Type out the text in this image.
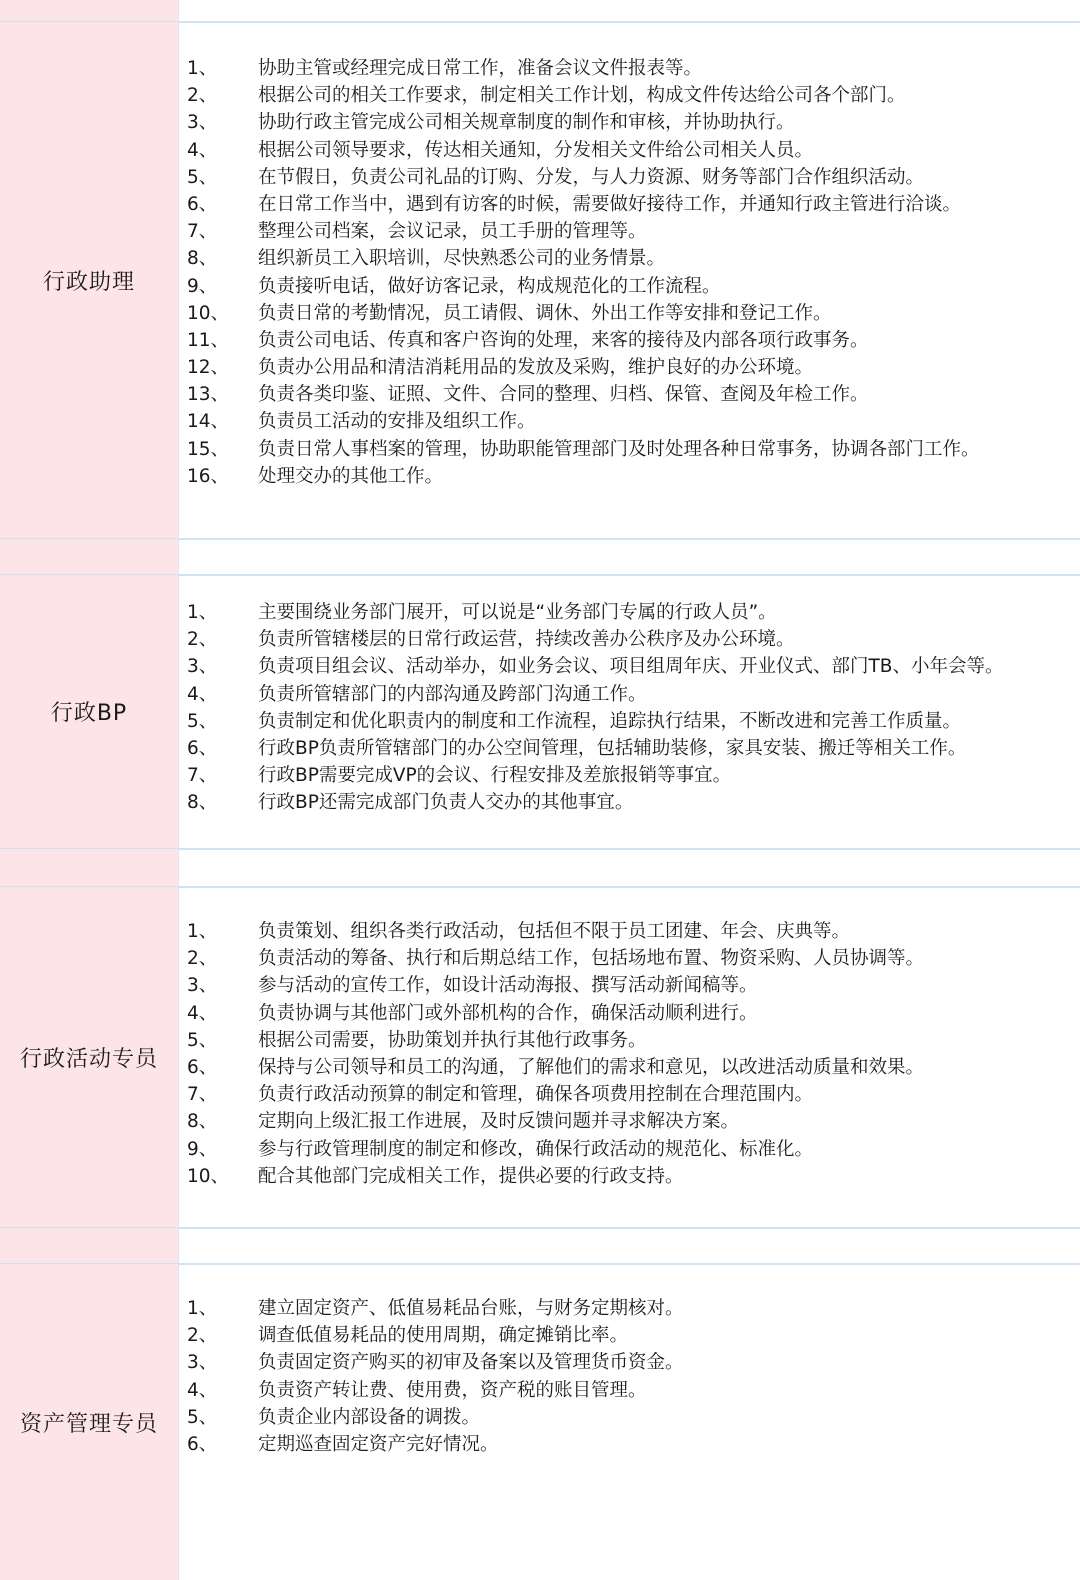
行政助理
1、 协助主管或经理完成日常工作，准备会议文件报表等。
2、 根据公司的相关工作要求，制定相关工作计划，构成文件传达给公司各个部门。
3、 协助行政主管完成公司相关规章制度的制作和审核，并协助执行。
4、 根据公司领导要求，传达相关通知，分发相关文件给公司相关人员。
5、 在节假日，负责公司礼品的订购、分发，与人力资源、财务等部门合作组织活动。
6、 在日常工作当中，遇到有访客的时候，需要做好接待工作，并通知行政主管进行洽谈。
7、 整理公司档案，会议记录，员工手册的管理等。
8、 组织新员工入职培训，尽快熟悉公司的业务情景。
9、 负责接听电话，做好访客记录，构成规范化的工作流程。
10、 负责日常的考勤情况，员工请假、调休、外出工作等安排和登记工作。
11、 负责公司电话、传真和客户咨询的处理，来客的接待及内部各项行政事务。
12、 负责办公用品和清洁消耗用品的发放及采购，维护良好的办公环境。
13、 负责各类印鉴、证照、文件、合同的整理、归档、保管、查阅及年检工作。
14、 负责员工活动的安排及组织工作。
15、 负责日常人事档案的管理，协助职能管理部门及时处理各种日常事务，协调各部门工作。
16、 处理交办的其他工作。
行政BP
1、 主要围绕业务部门展开，可以说是“业务部门专属的行政人员”。
2、 负责所管辖楼层的日常行政运营，持续改善办公秩序及办公环境。
3、 负责项目组会议、活动举办，如业务会议、项目组周年庆、开业仪式、部门TB、小年会等。
4、 负责所管辖部门的内部沟通及跨部门沟通工作。
5、 负责制定和优化职责内的制度和工作流程，追踪执行结果，不断改进和完善工作质量。
6、 行政BP负责所管辖部门的办公空间管理，包括辅助装修，家具安装、搬迁等相关工作。
7、 行政BP需要完成VP的会议、行程安排及差旅报销等事宜。
8、 行政BP还需完成部门负责人交办的其他事宜。
行政活动专员
1、 负责策划、组织各类行政活动，包括但不限于员工团建、年会、庆典等。
2、 负责活动的筹备、执行和后期总结工作，包括场地布置、物资采购、人员协调等。
3、 参与活动的宣传工作，如设计活动海报、撰写活动新闻稿等。
4、 负责协调与其他部门或外部机构的合作，确保活动顺利进行。
5、 根据公司需要，协助策划并执行其他行政事务。
6、 保持与公司领导和员工的沟通，了解他们的需求和意见，以改进活动质量和效果。
7、 负责行政活动预算的制定和管理，确保各项费用控制在合理范围内。
8、 定期向上级汇报工作进展，及时反馈问题并寻求解决方案。
9、 参与行政管理制度的制定和修改，确保行政活动的规范化、标准化。
10、 配合其他部门完成相关工作，提供必要的行政支持。
资产管理专员
1、 建立固定资产、低值易耗品台账，与财务定期核对。
2、 调查低值易耗品的使用周期，确定摊销比率。
3、 负责固定资产购买的初审及备案以及管理货币资金。
4、 负责资产转让费、使用费，资产税的账目管理。
5、 负责企业内部设备的调拨。
6、 定期巡查固定资产完好情况。
